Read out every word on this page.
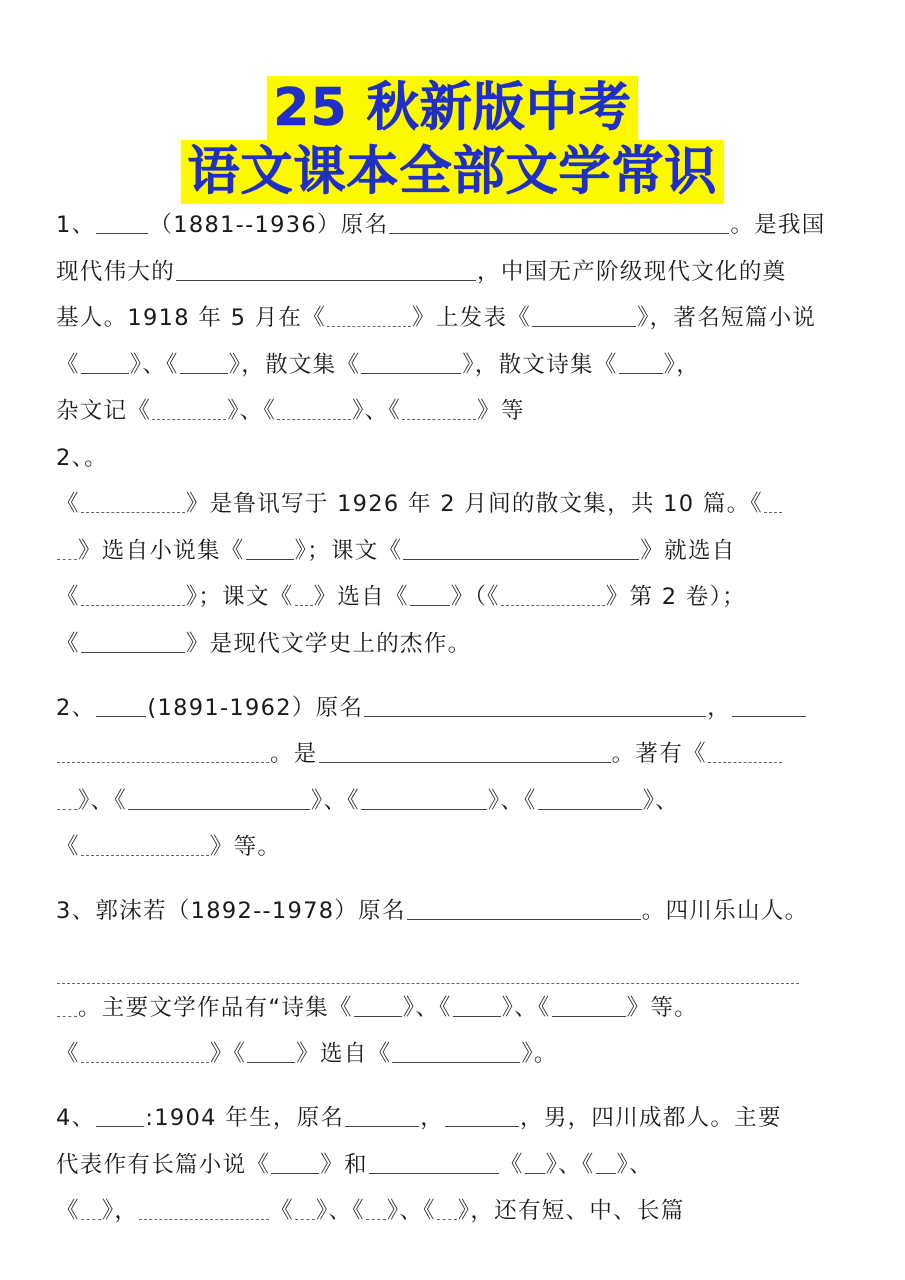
25 秋新版中考
语文课本全部文学常识
1、 （1881--1936）原名	。是我国
现代伟大的	，中国无产阶级现代文化的奠
基人。1918 年 5 月在《	》上发表《	》，著名短篇小说
《 》、《 》，散文集《	》，散文诗集《 》，
杂文记《	》、《	》、《	》等
2、。
《	》是鲁讯写于 1926 年 2 月间的散文集，共 10 篇。《
》选自小说集《 》；课文《	》就选自
《	》；课文《 》选自《 》（《	》第 2 卷）；
《	》是现代文学史上的杰作。
2、 (1891-1962）原名	，
。是	。著有《
》、《	》、《	》、《	》、
《	》等。
3、郭沫若（1892--1978）原名	。四川乐山人。
。主要文学作品有“诗集《 》、《 》、《	》等。
《	》《 》选自《	》。
4、 :1904 年生，原名	，	，男，四川成都人。主要
代表作有长篇小说《 》和	《 》、《 》、
《 》，	《 》、《 》、《 》，还有短、中、长篇
